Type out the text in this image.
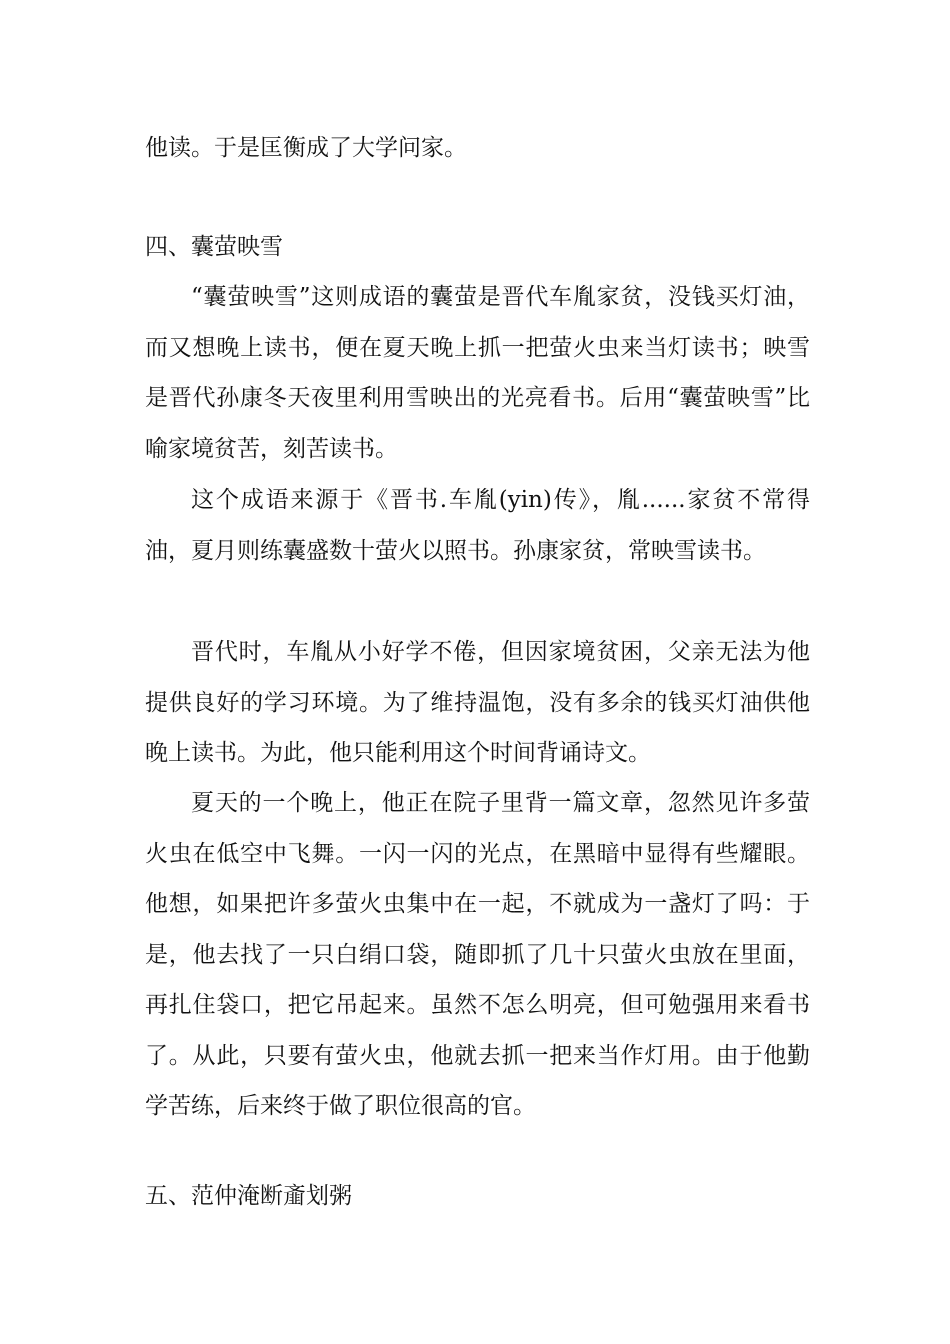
他读。于是匡衡成了大学问家。
四、囊萤映雪
“囊萤映雪”这则成语的囊萤是晋代车胤家贫，没钱买灯油，而又想晚上读书，便在夏天晚上抓一把萤火虫来当灯读书；映雪是晋代孙康冬天夜里利用雪映出的光亮看书。后用“囊萤映雪”比喻家境贫苦，刻苦读书。
这个成语来源于《晋书.车胤(yin)传》，胤......家贫不常得油，夏月则练囊盛数十萤火以照书。孙康家贫，常映雪读书。
晋代时，车胤从小好学不倦，但因家境贫困，父亲无法为他提供良好的学习环境。为了维持温饱，没有多余的钱买灯油供他晚上读书。为此，他只能利用这个时间背诵诗文。
夏天的一个晚上，他正在院子里背一篇文章，忽然见许多萤火虫在低空中飞舞。一闪一闪的光点，在黑暗中显得有些耀眼。他想，如果把许多萤火虫集中在一起，不就成为一盏灯了吗：于是，他去找了一只白绢口袋，随即抓了几十只萤火虫放在里面，再扎住袋口，把它吊起来。虽然不怎么明亮，但可勉强用来看书了。从此，只要有萤火虫，他就去抓一把来当作灯用。由于他勤学苦练，后来终于做了职位很高的官。
五、范仲淹断齑划粥
